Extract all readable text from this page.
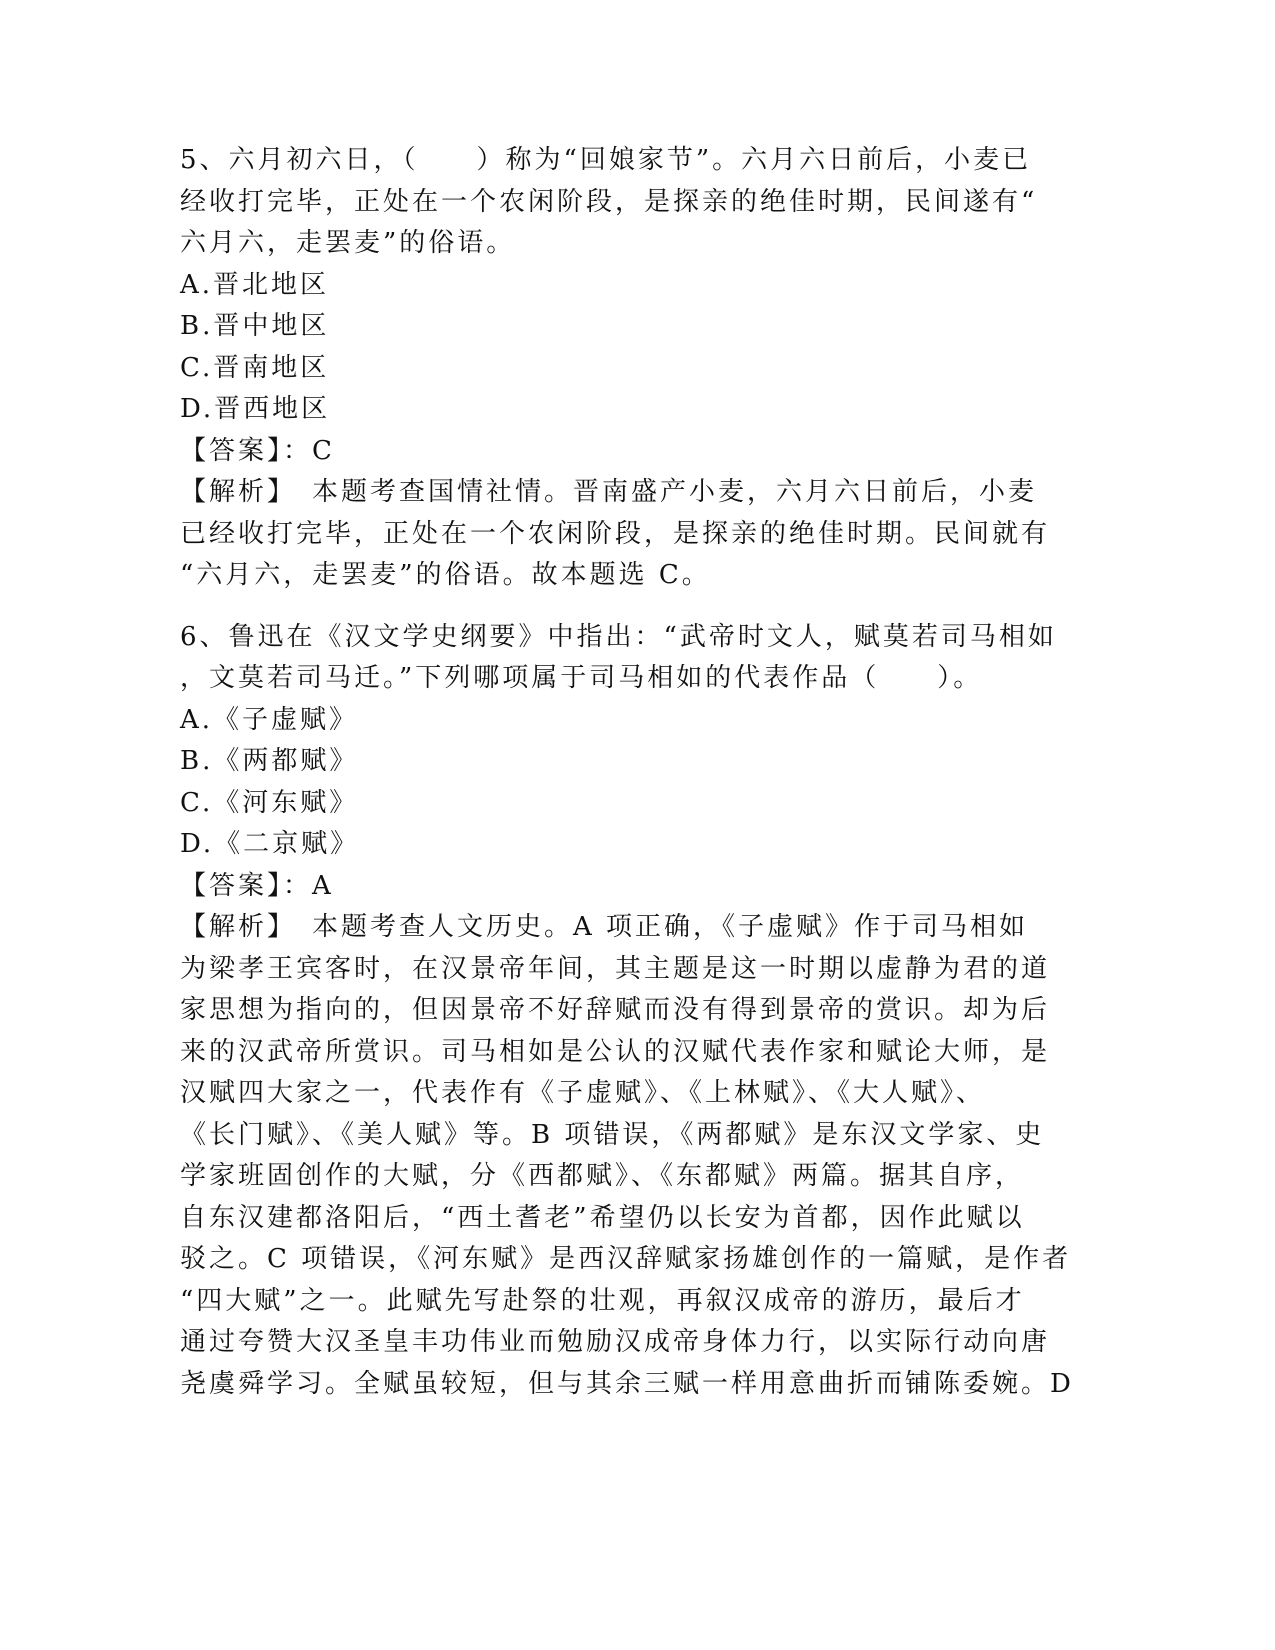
5、六月初六日，（　　）称为“回娘家节”。六月六日前后，小麦已
经收打完毕，正处在一个农闲阶段，是探亲的绝佳时期，民间遂有“
六月六，走罢麦”的俗语。
A.晋北地区
B.晋中地区
C.晋南地区
D.晋西地区
【答案】：C
【解析】　本题考查国情社情。晋南盛产小麦，六月六日前后，小麦
已经收打完毕，正处在一个农闲阶段，是探亲的绝佳时期。民间就有
“六月六，走罢麦”的俗语。故本题选 C。
6、鲁迅在《汉文学史纲要》中指出：“武帝时文人，赋莫若司马相如
，文莫若司马迁。”下列哪项属于司马相如的代表作品（　　）。
A.《子虚赋》
B.《两都赋》
C.《河东赋》
D.《二京赋》
【答案】：A
【解析】　本题考查人文历史。A 项正确，《子虚赋》作于司马相如
为梁孝王宾客时，在汉景帝年间，其主题是这一时期以虚静为君的道
家思想为指向的，但因景帝不好辞赋而没有得到景帝的赏识。却为后
来的汉武帝所赏识。司马相如是公认的汉赋代表作家和赋论大师，是
汉赋四大家之一，代表作有《子虚赋》、《上林赋》、《大人赋》、
《长门赋》、《美人赋》等。B 项错误，《两都赋》是东汉文学家、史
学家班固创作的大赋，分《西都赋》、《东都赋》两篇。据其自序，
自东汉建都洛阳后，“西土耆老”希望仍以长安为首都，因作此赋以
驳之。C 项错误，《河东赋》是西汉辞赋家扬雄创作的一篇赋，是作者
“四大赋”之一。此赋先写赴祭的壮观，再叙汉成帝的游历，最后才
通过夸赞大汉圣皇丰功伟业而勉励汉成帝身体力行，以实际行动向唐
尧虞舜学习。全赋虽较短，但与其余三赋一样用意曲折而铺陈委婉。D
